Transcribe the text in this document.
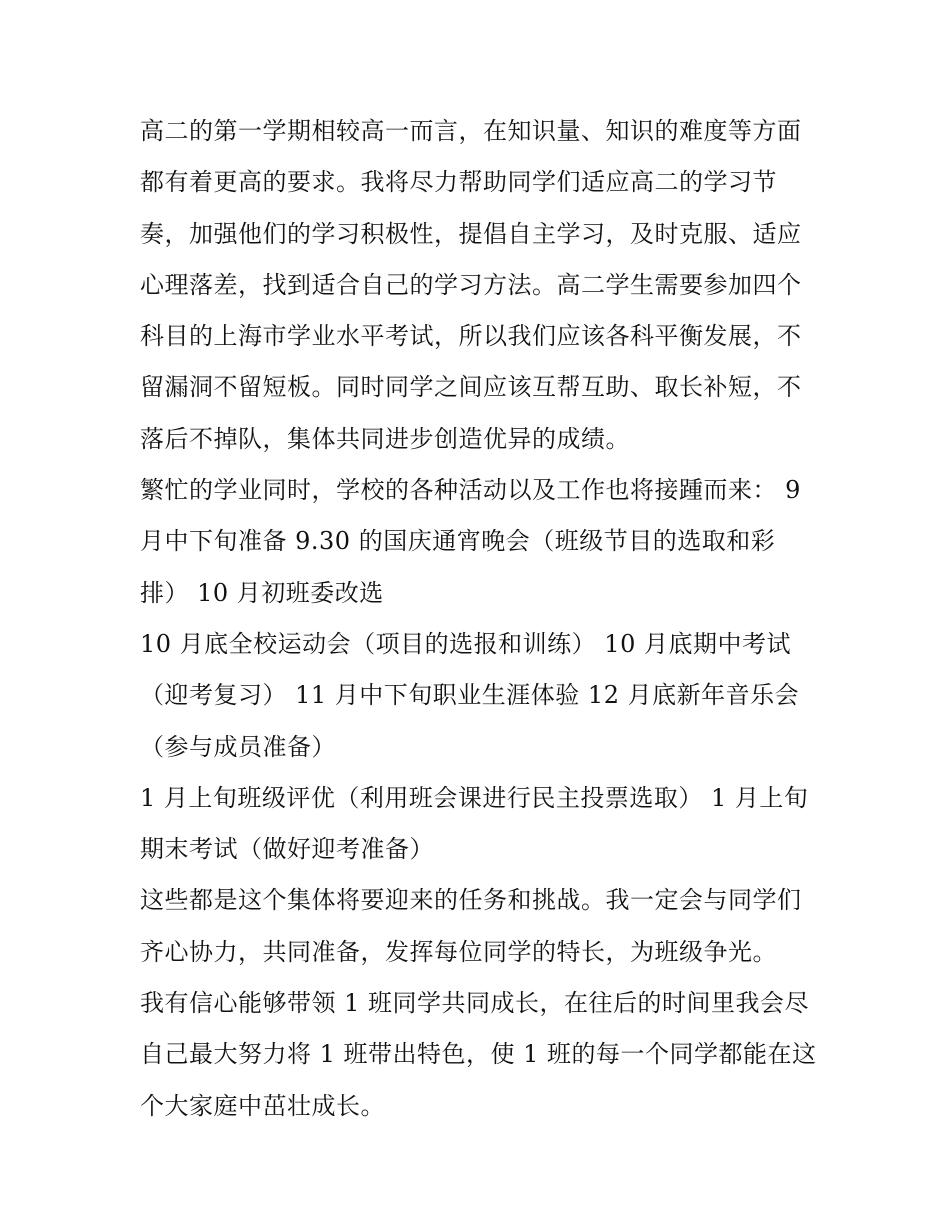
高二的第一学期相较高一而言，在知识量、知识的难度等方面
都有着更高的要求。我将尽力帮助同学们适应高二的学习节
奏，加强他们的学习积极性，提倡自主学习，及时克服、适应
心理落差，找到适合自己的学习方法。高二学生需要参加四个
科目的上海市学业水平考试，所以我们应该各科平衡发展，不
留漏洞不留短板。同时同学之间应该互帮互助、取长补短，不
落后不掉队，集体共同进步创造优异的成绩。
繁忙的学业同时，学校的各种活动以及工作也将接踵而来： 9
月中下旬准备 9.30 的国庆通宵晚会（班级节目的选取和彩
排） 10 月初班委改选
10 月底全校运动会（项目的选报和训练） 10 月底期中考试
（迎考复习） 11 月中下旬职业生涯体验 12 月底新年音乐会
（参与成员准备）
1 月上旬班级评优（利用班会课进行民主投票选取） 1 月上旬
期末考试（做好迎考准备）
这些都是这个集体将要迎来的任务和挑战。我一定会与同学们
齐心协力，共同准备，发挥每位同学的特长，为班级争光。
我有信心能够带领 1 班同学共同成长，在往后的时间里我会尽
自己最大努力将 1 班带出特色，使 1 班的每一个同学都能在这
个大家庭中茁壮成长。
